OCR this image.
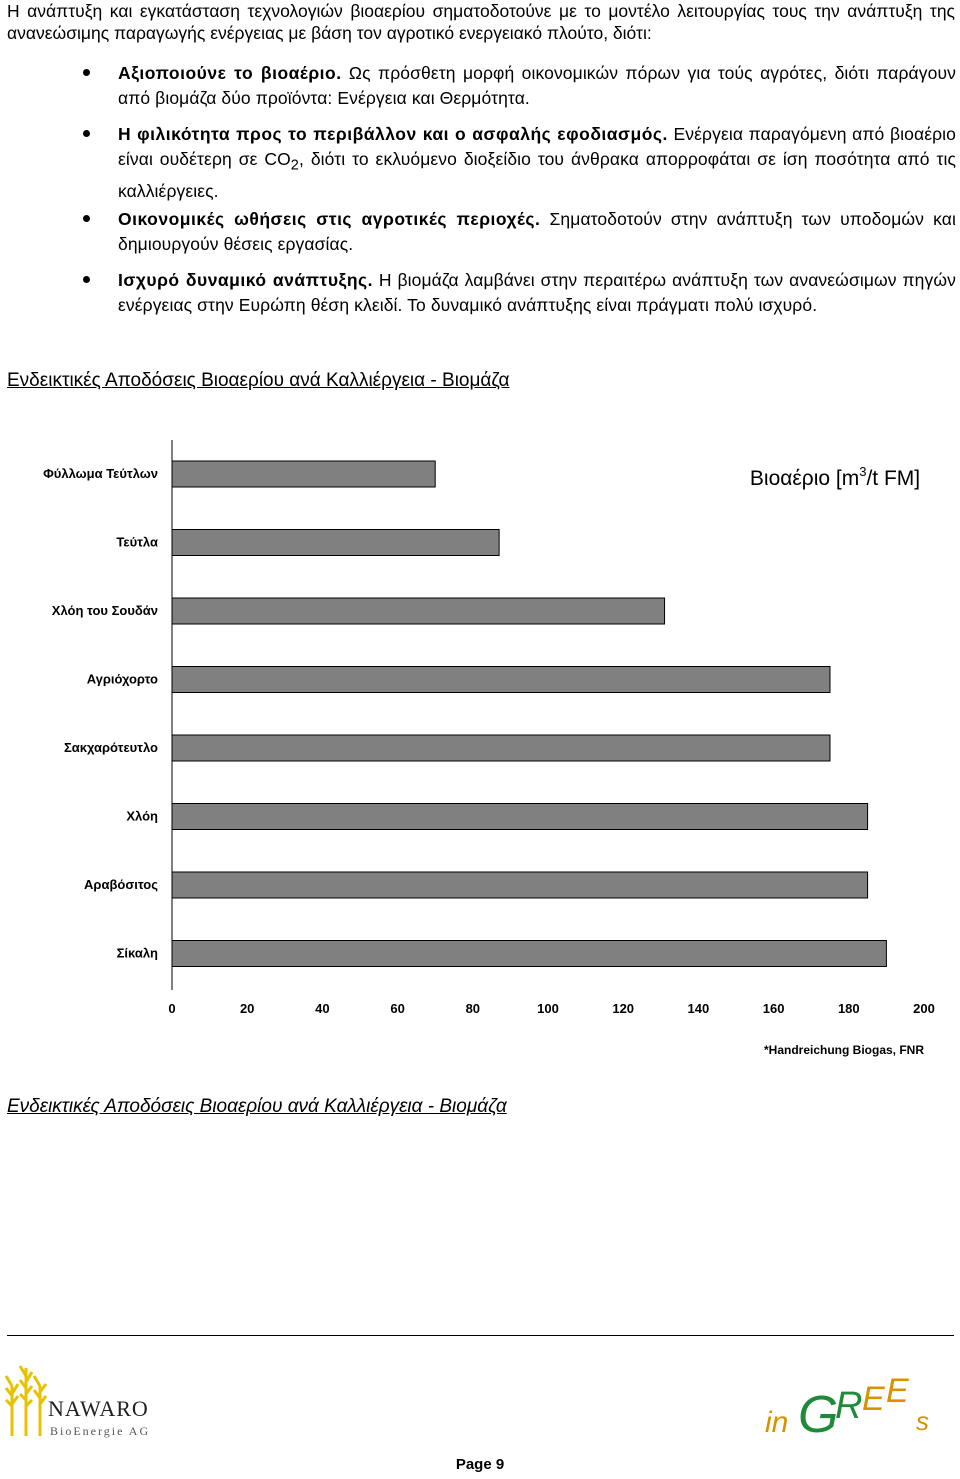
Η ανάπτυξη και εγκατάσταση τεχνολογιών βιοαερίου σηματοδοτούνε με το μοντέλο λειτουργίας τους την ανάπτυξη της ανανεώσιμης παραγωγής ενέργειας με βάση τον αγροτικό ενεργειακό πλούτο, διότι:
Αξιοποιούνε το βιοαέριο. Ως πρόσθετη μορφή οικονομικών πόρων για τούς αγρότες, διότι παράγουν από βιομάζα δύο προϊόντα: Ενέργεια και Θερμότητα.
Η φιλικότητα προς το περιβάλλον και ο ασφαλής εφοδιασμός. Ενέργεια παραγόμενη από βιοαέριο είναι ουδέτερη σε $CO_2$, διότι το εκλυόμενο διοξείδιο του άνθρακα απορροφάται σε ίση ποσότητα από τις καλλιέργειες.
Οικονομικές ωθήσεις στις αγροτικές περιοχές. Σηματοδοτούν στην ανάπτυξη των υποδομών και δημιουργούν θέσεις εργασίας.
Ισχυρό δυναμικό ανάπτυξης. Η βιομάζα λαμβάνει στην περαιτέρω ανάπτυξη των ανανεώσιμων πηγών ενέργειας στην Ευρώπη θέση κλειδί. Το δυναμικό ανάπτυξης είναι πράγματι πολύ ισχυρό.
Ενδεικτικές Αποδόσεις Βιοαερίου ανά Καλλιέργεια - Βιομάζα
Βιοαέριο [$m^3/t$ FM]
Φύλλωμα Τεύτλων
Τεύτλα
Χλόη του Σουδάν
Αγριόχορτο
Σακχαρότευτλο
Χλόη
Αραβόσιτος
Σίκαλη
0	20	40	60	80	100	120	140	160	180	200
*Handreichung Biogas, FNR
Ενδεικτικές Αποδόσεις Βιοαερίου ανά Καλλιέργεια - Βιομάζα
NAWARO
BioEnergie AG	in G
R E E
s
Page 9
